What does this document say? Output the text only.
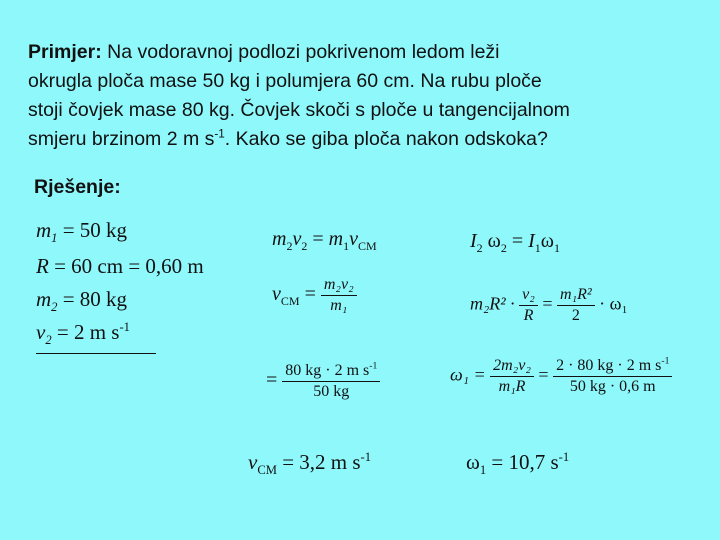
Primjer: Na vodoravnoj podlozi pokrivenom ledom leži
okrugla ploča mase 50 kg i polumjera 60 cm. Na rubu ploče
stoji čovjek mase 80 kg. Čovjek skoči s ploče u tangencijalnom
smjeru brzinom 2 m $s^{-1}$. Kako se giba ploča nakon odskoka?
Rješenje:
$m_1 = 50$ kg
R = 60 cm = 0,60 m
$m_2 = 80$ kg
$v_2 = 2$ m $s^{-1}$
$m_2v_2 = m_1v_{CM}$
$v_{CM} = \frac{\text{m₂v₂}}{\text{m₁}}$
= $\frac{80 kg \cdot 2 m s^{-1}}{50 kg}$
$v_{CM} = 3,2$ m $s^{-1}$
$I_2$ $\omega_2 = I_1\omega_1$
$m_2R^2 \cdot \frac{\text{v₂}}{R} = \frac{\text{m₁R²}}{2} \cdot \omega_1$
$\omega_1 = \frac{\text{2m₂v₂}}{\text{m₁R}} = \frac{2 \cdot 80 kg \cdot 2 m s^{-1}}{50 kg \cdot 0,6 m}$
$\omega_1 = 10,7$ $s^{-1}$
